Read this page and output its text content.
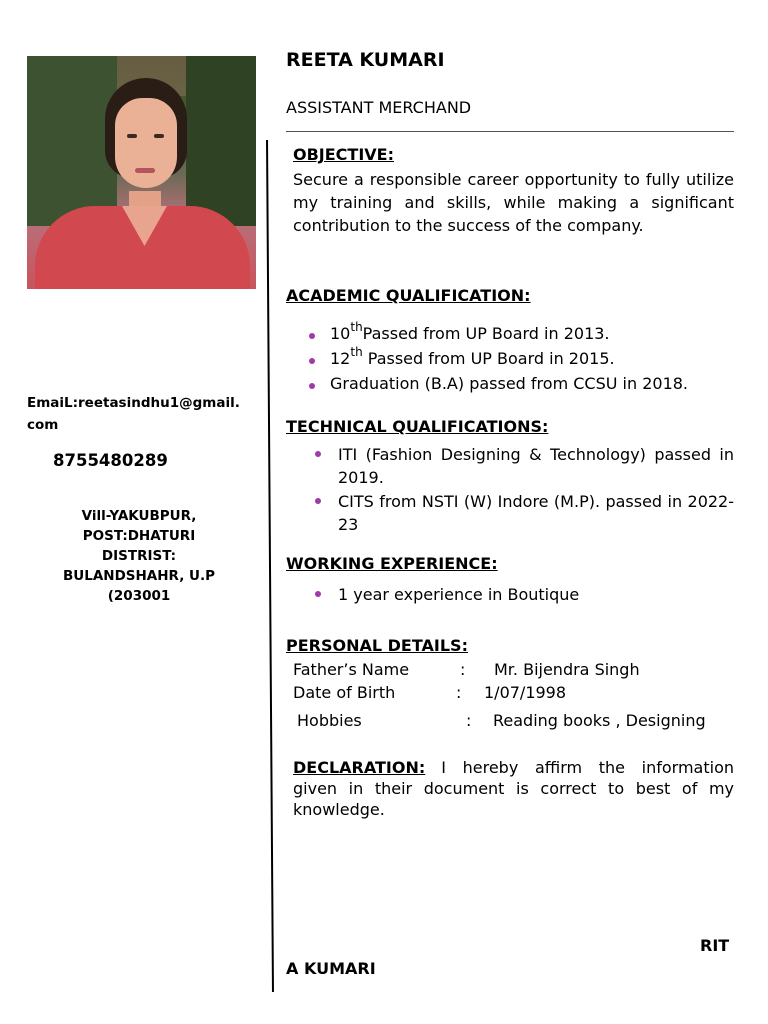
EmaiL:reetasindhu1@gmail.com
8755480289
Vill-YAKUBPUR,
POST:DHATURI
DISTRIST:
BULANDSHAHR, U.P
(203001
REETA KUMARI
ASSISTANT MERCHAND
OBJECTIVE:
Secure a responsible career opportunity to fully utilize my training and skills, while making a significant contribution to the success of the company.
ACADEMIC QUALIFICATION:
10thPassed from UP Board in 2013.
12th Passed from UP Board in 2015.
Graduation (B.A) passed from CCSU in 2018.
TECHNICAL QUALIFICATIONS:
ITI (Fashion Designing & Technology) passed in 2019.
CITS from NSTI (W) Indore (M.P). passed in 2022-23
WORKING EXPERIENCE:
1 year experience in Boutique
PERSONAL DETAILS:
Father’s Name	: Mr. Bijendra Singh
Date of Birth	: 1/07/1998
Hobbies	: Reading books , Designing
DECLARATION: I hereby affirm the information given in their document is correct to best of my knowledge.
RIT
A KUMARI
